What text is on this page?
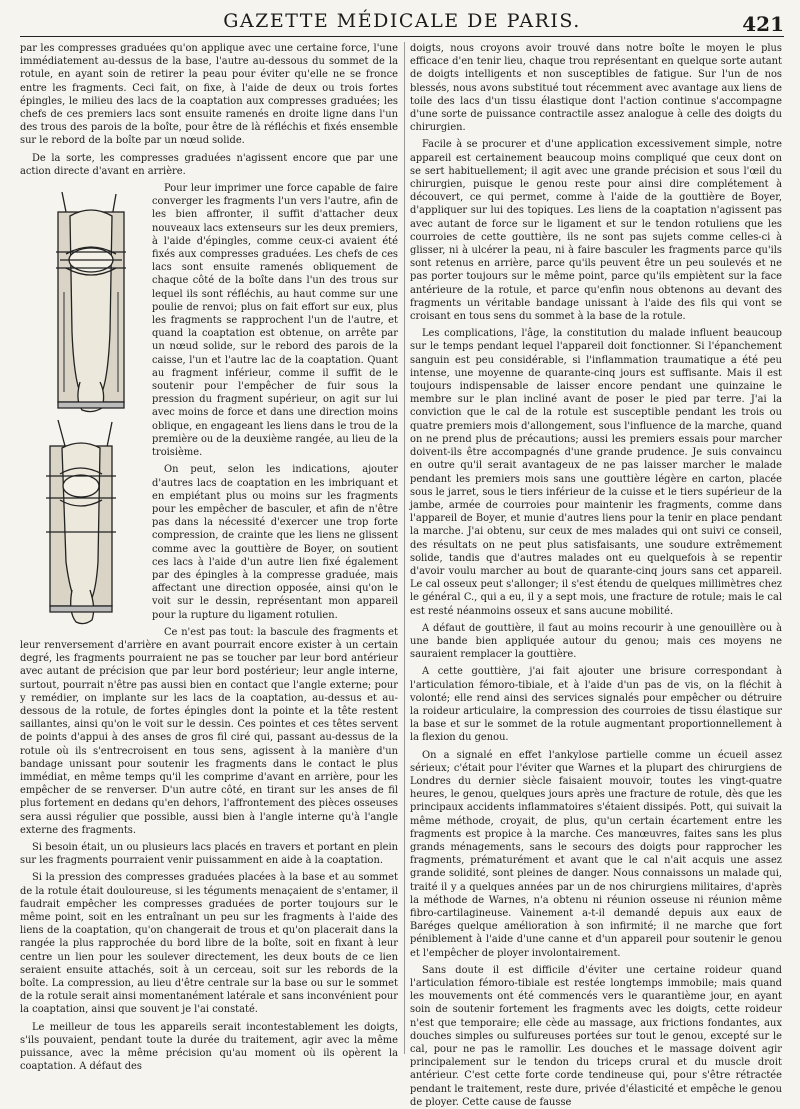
GAZETTE MÉDICALE DE PARIS.	421

par les compresses graduées qu'on applique avec une certaine force, l'une immédiatement au-dessus de la base, l'autre au-dessous du sommet de la rotule, en ayant soin de retirer la peau pour éviter qu'elle ne se fronce entre les fragments. Ceci fait, on fixe, à l'aide de deux ou trois fortes épingles, le milieu des lacs de la coaptation aux compresses graduées; les chefs de ces premiers lacs sont ensuite ramenés en droite ligne dans l'un des trous des parois de la boîte, pour être de là réfléchis et fixés ensemble sur le rebord de la boîte par un nœud solide.

De la sorte, les compresses graduées n'agissent encore que par une action directe d'avant en arrière.

Pour leur imprimer une force capable de faire converger les fragments l'un vers l'autre, afin de les bien affronter, il suffit d'attacher deux nouveaux lacs extenseurs sur les deux premiers, à l'aide d'épingles, comme ceux-ci avaient été fixés aux compresses graduées. Les chefs de ces lacs sont ensuite ramenés obliquement de chaque côté de la boîte dans l'un des trous sur lequel ils sont réfléchis, au haut comme sur une poulie de renvoi; plus on fait effort sur eux, plus les fragments se rapprochent l'un de l'autre, et quand la coaptation est obtenue, on arrête par un nœud solide, sur le rebord des parois de la caisse, l'un et l'autre lac de la coaptation. Quant au fragment inférieur, comme il suffit de le soutenir pour l'empêcher de fuir sous la pression du fragment supérieur, on agit sur lui avec moins de force et dans une direction moins oblique, en engageant les liens dans le trou de la première ou de la deuxième rangée, au lieu de la troisième.

On peut, selon les indications, ajouter d'autres lacs de coaptation en les imbriquant et en empiétant plus ou moins sur les fragments pour les empêcher de basculer, et afin de n'être pas dans la nécessité d'exercer une trop forte compression, de crainte que les liens ne glissent comme avec la gouttière de Boyer, on soutient ces lacs à l'aide d'un autre lien fixé également par des épingles à la compresse graduée, mais affectant une direction opposée, ainsi qu'on le voit sur le dessin, représentant mon appareil pour la rupture du ligament rotulien.

Ce n'est pas tout: la bascule des fragments et leur renversement d'arrière en avant pourrait encore exister à un certain degré, les fragments pourraient ne pas se toucher par leur bord antérieur avec autant de précision que par leur bord postérieur; leur angle interne, surtout, pourrait n'être pas aussi bien en contact que l'angle externe; pour y remédier, on implante sur les lacs de la coaptation, au-dessus et au-dessous de la rotule, de fortes épingles dont la pointe et la tête restent saillantes, ainsi qu'on le voit sur le dessin. Ces pointes et ces têtes servent de points d'appui à des anses de gros fil ciré qui, passant au-dessus de la rotule où ils s'entrecroisent en tous sens, agissent à la manière d'un bandage unissant pour soutenir les fragments dans le contact le plus immédiat, en même temps qu'il les comprime d'avant en arrière, pour les empêcher de se renverser. D'un autre côté, en tirant sur les anses de fil plus fortement en dedans qu'en dehors, l'affrontement des pièces osseuses sera aussi régulier que possible, aussi bien à l'angle interne qu'à l'angle externe des fragments.

Si besoin était, un ou plusieurs lacs placés en travers et portant en plein sur les fragments pourraient venir puissamment en aide à la coaptation.

Si la pression des compresses graduées placées à la base et au sommet de la rotule était douloureuse, si les téguments menaçaient de s'entamer, il faudrait empêcher les compresses graduées de porter toujours sur le même point, soit en les entraînant un peu sur les fragments à l'aide des liens de la coaptation, qu'on changerait de trous et qu'on placerait dans la rangée la plus rapprochée du bord libre de la boîte, soit en fixant à leur centre un lien pour les soulever directement, les deux bouts de ce lien seraient ensuite attachés, soit à un cerceau, soit sur les rebords de la boîte. La compression, au lieu d'être centrale sur la base ou sur le sommet de la rotule serait ainsi momentanément latérale et sans inconvénient pour la coaptation, ainsi que souvent je l'ai constaté.

Le meilleur de tous les appareils serait incontestablement les doigts, s'ils pouvaient, pendant toute la durée du traitement, agir avec la même puissance, avec la même précision qu'au moment où ils opèrent la coaptation. A défaut des

doigts, nous croyons avoir trouvé dans notre boîte le moyen le plus efficace d'en tenir lieu, chaque trou représentant en quelque sorte autant de doigts intelligents et non susceptibles de fatigue. Sur l'un de nos blessés, nous avons substitué tout récemment avec avantage aux liens de toile des lacs d'un tissu élastique dont l'action continue s'accompagne d'une sorte de puissance contractile assez analogue à celle des doigts du chirurgien.

Facile à se procurer et d'une application excessivement simple, notre appareil est certainement beaucoup moins compliqué que ceux dont on se sert habituellement; il agit avec une grande précision et sous l'œil du chirurgien, puisque le genou reste pour ainsi dire complétement à découvert, ce qui permet, comme à l'aide de la gouttière de Boyer, d'appliquer sur lui des topiques. Les liens de la coaptation n'agissent pas avec autant de force sur le ligament et sur le tendon rotuliens que les courroies de cette gouttière, ils ne sont pas sujets comme celles-ci à glisser, ni à ulcérer la peau, ni à faire basculer les fragments parce qu'ils sont retenus en arrière, parce qu'ils peuvent être un peu soulevés et ne pas porter toujours sur le même point, parce qu'ils empiètent sur la face antérieure de la rotule, et parce qu'enfin nous obtenons au devant des fragments un véritable bandage unissant à l'aide des fils qui vont se croisant en tous sens du sommet à la base de la rotule.

Les complications, l'âge, la constitution du malade influent beaucoup sur le temps pendant lequel l'appareil doit fonctionner. Si l'épanchement sanguin est peu considérable, si l'inflammation traumatique a été peu intense, une moyenne de quarante-cinq jours est suffisante. Mais il est toujours indispensable de laisser encore pendant une quinzaine le membre sur le plan incliné avant de poser le pied par terre. J'ai la conviction que le cal de la rotule est susceptible pendant les trois ou quatre premiers mois d'allongement, sous l'influence de la marche, quand on ne prend plus de précautions; aussi les premiers essais pour marcher doivent-ils être accompagnés d'une grande prudence. Je suis convaincu en outre qu'il serait avantageux de ne pas laisser marcher le malade pendant les premiers mois sans une gouttière légère en carton, placée sous le jarret, sous le tiers inférieur de la cuisse et le tiers supérieur de la jambe, armée de courroies pour maintenir les fragments, comme dans l'appareil de Boyer, et munie d'autres liens pour la tenir en place pendant la marche. J'ai obtenu, sur ceux de mes malades qui ont suivi ce conseil, des résultats on ne peut plus satisfaisants, une soudure extrêmement solide, tandis que d'autres malades ont eu quelquefois à se repentir d'avoir voulu marcher au bout de quarante-cinq jours sans cet appareil. Le cal osseux peut s'allonger; il s'est étendu de quelques millimètres chez le général C., qui a eu, il y a sept mois, une fracture de rotule; mais le cal est resté néanmoins osseux et sans aucune mobilité.

A défaut de gouttière, il faut au moins recourir à une genouillère ou à une bande bien appliquée autour du genou; mais ces moyens ne sauraient remplacer la gouttière.

A cette gouttière, j'ai fait ajouter une brisure correspondant à l'articulation fémoro-tibiale, et à l'aide d'un pas de vis, on la fléchit à volonté; elle rend ainsi des services signalés pour empêcher ou détruire la roideur articulaire, la compression des courroies de tissu élastique sur la base et sur le sommet de la rotule augmentant proportionnellement à la flexion du genou.

On a signalé en effet l'ankylose partielle comme un écueil assez sérieux; c'était pour l'éviter que Warnes et la plupart des chirurgiens de Londres du dernier siècle faisaient mouvoir, toutes les vingt-quatre heures, le genou, quelques jours après une fracture de rotule, dès que les principaux accidents inflammatoires s'étaient dissipés. Pott, qui suivait la même méthode, croyait, de plus, qu'un certain écartement entre les fragments est propice à la marche. Ces manœuvres, faites sans les plus grands ménagements, sans le secours des doigts pour rapprocher les fragments, prématurément et avant que le cal n'ait acquis une assez grande solidité, sont pleines de danger. Nous connaissons un malade qui, traité il y a quelques années par un de nos chirurgiens militaires, d'après la méthode de Warnes, n'a obtenu ni réunion osseuse ni réunion même fibro-cartilagineuse. Vainement a-t-il demandé depuis aux eaux de Baréges quelque amélioration à son infirmité; il ne marche que fort péniblement à l'aide d'une canne et d'un appareil pour soutenir le genou et l'empêcher de ployer involontairement.

Sans doute il est difficile d'éviter une certaine roideur quand l'articulation fémoro-tibiale est restée longtemps immobile; mais quand les mouvements ont été commencés vers le quarantième jour, en ayant soin de soutenir fortement les fragments avec les doigts, cette roideur n'est que temporaire; elle cède au massage, aux frictions fondantes, aux douches simples ou sulfureuses portées sur tout le genou, excepté sur le cal, pour ne pas le ramollir. Les douches et le massage doivent agir principalement sur le tendon du triceps crural et du muscle droit antérieur. C'est cette forte corde tendineuse qui, pour s'être rétractée pendant le traitement, reste dure, privée d'élasticité et empêche le genou de ployer. Cette cause de fausse
